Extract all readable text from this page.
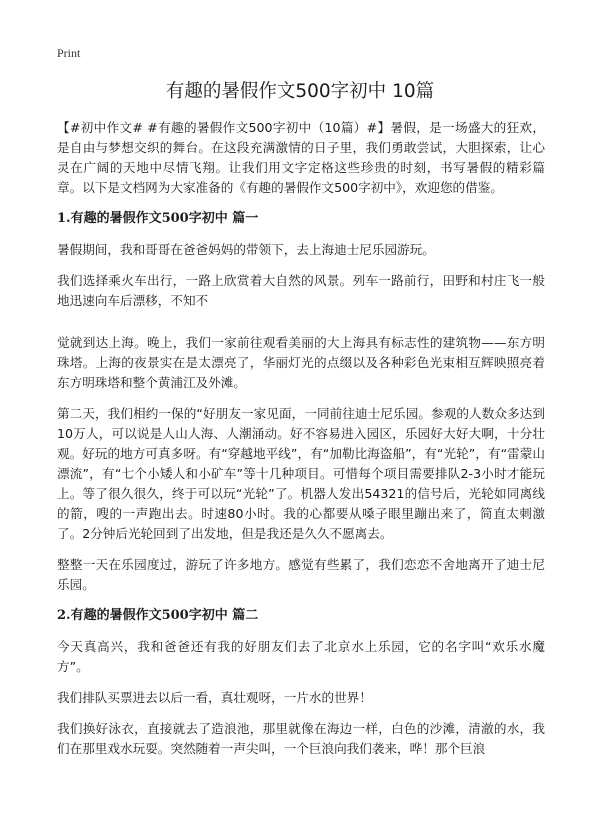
Print
有趣的暑假作文500字初中 10篇

【#初中作文# #有趣的暑假作文500字初中（10篇）#】暑假，是一场盛大的狂欢，是自由与梦想交织的舞台。在这段充满激情的日子里，我们勇敢尝试，大胆探索，让心灵在广阔的天地中尽情飞翔。让我们用文字定格这些珍贵的时刻，书写暑假的精彩篇章。以下是文档网为大家准备的《有趣的暑假作文500字初中》，欢迎您的借鉴。

1.有趣的暑假作文500字初中 篇一

暑假期间，我和哥哥在爸爸妈妈的带领下，去上海迪士尼乐园游玩。

我们选择乘火车出行，一路上欣赏着大自然的风景。列车一路前行，田野和村庄飞一般地迅速向车后漂移，不知不

觉就到达上海。晚上，我们一家前往观看美丽的大上海具有标志性的建筑物——东方明珠塔。上海的夜景实在是太漂亮了，华丽灯光的点缀以及各种彩色光束相互辉映照亮着东方明珠塔和整个黄浦江及外滩。

第二天，我们相约一保的“好朋友一家见面，一同前往迪士尼乐园。参观的人数众多达到10万人，可以说是人山人海、人潮涌动。好不容易进入园区，乐园好大好大啊，十分壮观。好玩的地方可真多呀。有“穿越地平线”，有“加勒比海盗船”，有“光轮”，有“雷蒙山漂流”，有“七个小矮人和小矿车”等十几种项目。可惜每个项目需要排队2-3小时才能玩上。等了很久很久，终于可以玩“光轮”了。机器人发出54321的信号后，光轮如同离线的箭，嗖的一声跑出去。时速80小时。我的心都要从嗓子眼里蹦出来了，简直太刺激了。2分钟后光轮回到了出发地，但是我还是久久不愿离去。

整整一天在乐园度过，游玩了许多地方。感觉有些累了，我们恋恋不舍地离开了迪士尼乐园。

2.有趣的暑假作文500字初中 篇二

今天真高兴，我和爸爸还有我的好朋友们去了北京水上乐园，它的名字叫“欢乐水魔方”。

我们排队买票进去以后一看，真壮观呀，一片水的世界！

我们换好泳衣，直接就去了造浪池，那里就像在海边一样，白色的沙滩，清澈的水，我们在那里戏水玩耍。突然随着一声尖叫，一个巨浪向我们袭来，哗！那个巨浪
